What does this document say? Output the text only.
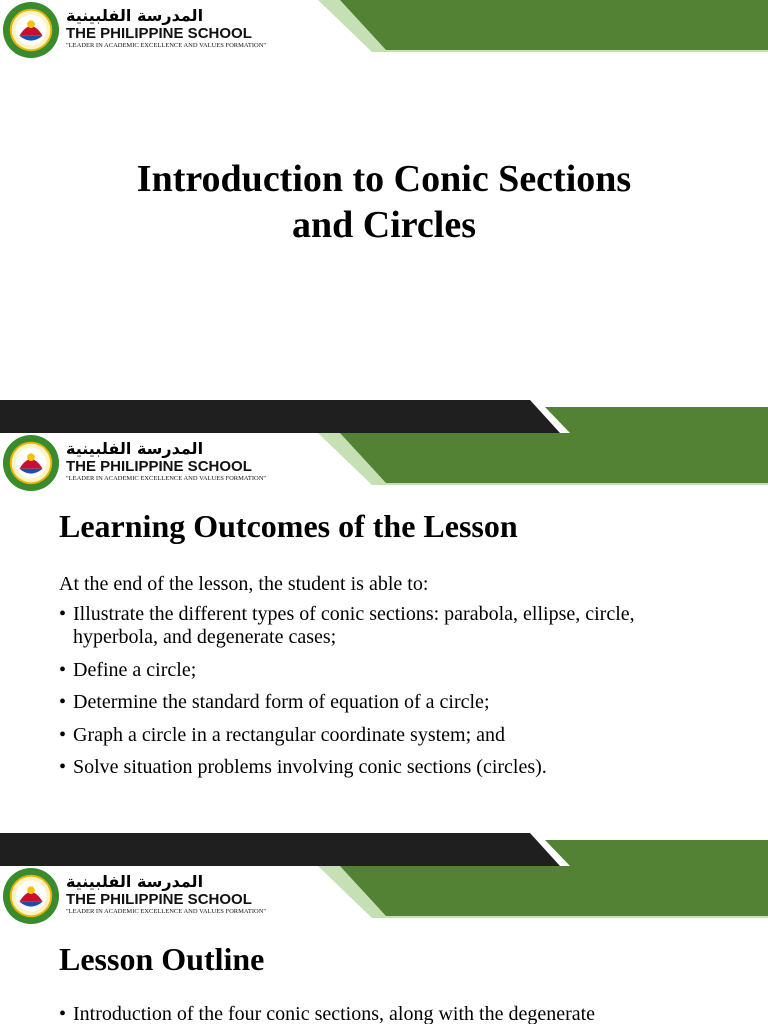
المدرسة الفلبينية
THE PHILIPPINE SCHOOL
"LEADER IN ACADEMIC EXCELLENCE AND VALUES FORMATION"
Introduction to Conic Sections
and Circles
المدرسة الفلبينية
THE PHILIPPINE SCHOOL
"LEADER IN ACADEMIC EXCELLENCE AND VALUES FORMATION"
Learning Outcomes of the Lesson
At the end of the lesson, the student is able to:
• Illustrate the different types of conic sections: parabola, ellipse, circle, hyperbola, and degenerate cases;
• Define a circle;
• Determine the standard form of equation of a circle;
• Graph a circle in a rectangular coordinate system; and
• Solve situation problems involving conic sections (circles).
المدرسة الفلبينية
THE PHILIPPINE SCHOOL
"LEADER IN ACADEMIC EXCELLENCE AND VALUES FORMATION"
Lesson Outline
• Introduction of the four conic sections, along with the degenerate
